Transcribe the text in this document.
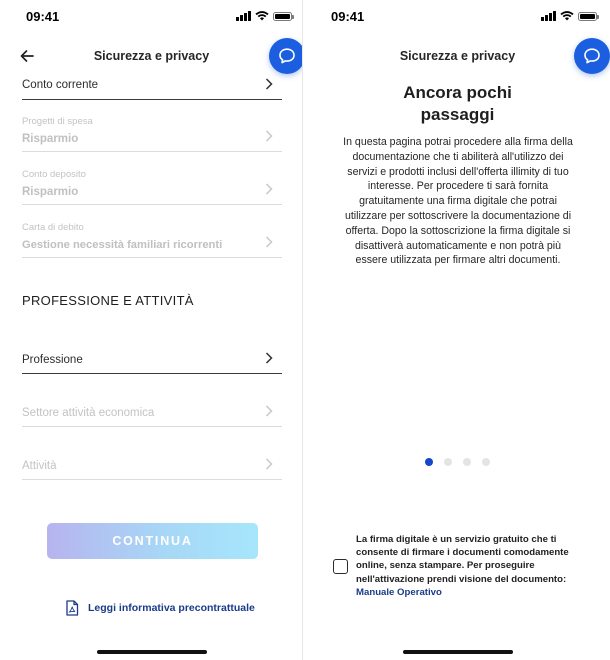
09:41
Sicurezza e privacy
Conto corrente
Progetti di spesa
Risparmio
Conto deposito
Risparmio
Carta di debito
Gestione necessità familiari ricorrenti
PROFESSIONE E ATTIVITÀ
Professione
Settore attività economica
Attività
CONTINUA
Leggi informativa precontrattuale
09:41
Sicurezza e privacy
Ancora pochi
passaggi
In questa pagina potrai procedere alla firma della
documentazione che ti abiliterà all'utilizzo dei
servizi e prodotti inclusi dell'offerta illimity di tuo
interesse. Per procedere ti sarà fornita
gratuitamente una firma digitale che potrai
utilizzare per sottoscrivere la documentazione di
offerta. Dopo la sottoscrizione la firma digitale si
disattiverà automaticamente e non potrà più
essere utilizzata per firmare altri documenti.
La firma digitale è un servizio gratuito che ti
consente di firmare i documenti comodamente
online, senza stampare. Per proseguire
nell'attivazione prendi visione del documento:
Manuale Operativo
